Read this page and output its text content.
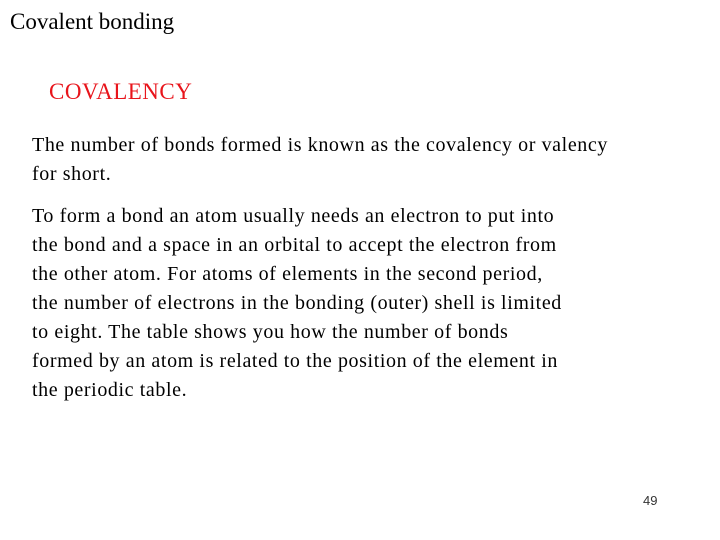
Covalent bonding
COVALENCY

The number of bonds formed is known as the covalency or valency
for short.

To form a bond an atom usually needs an electron to put into
the bond and a space in an orbital to accept the electron from
the other atom. For atoms of elements in the second period,
the number of electrons in the bonding (outer) shell is limited
to eight. The table shows you how the number of bonds
formed by an atom is related to the position of the element in
the periodic table.

49
